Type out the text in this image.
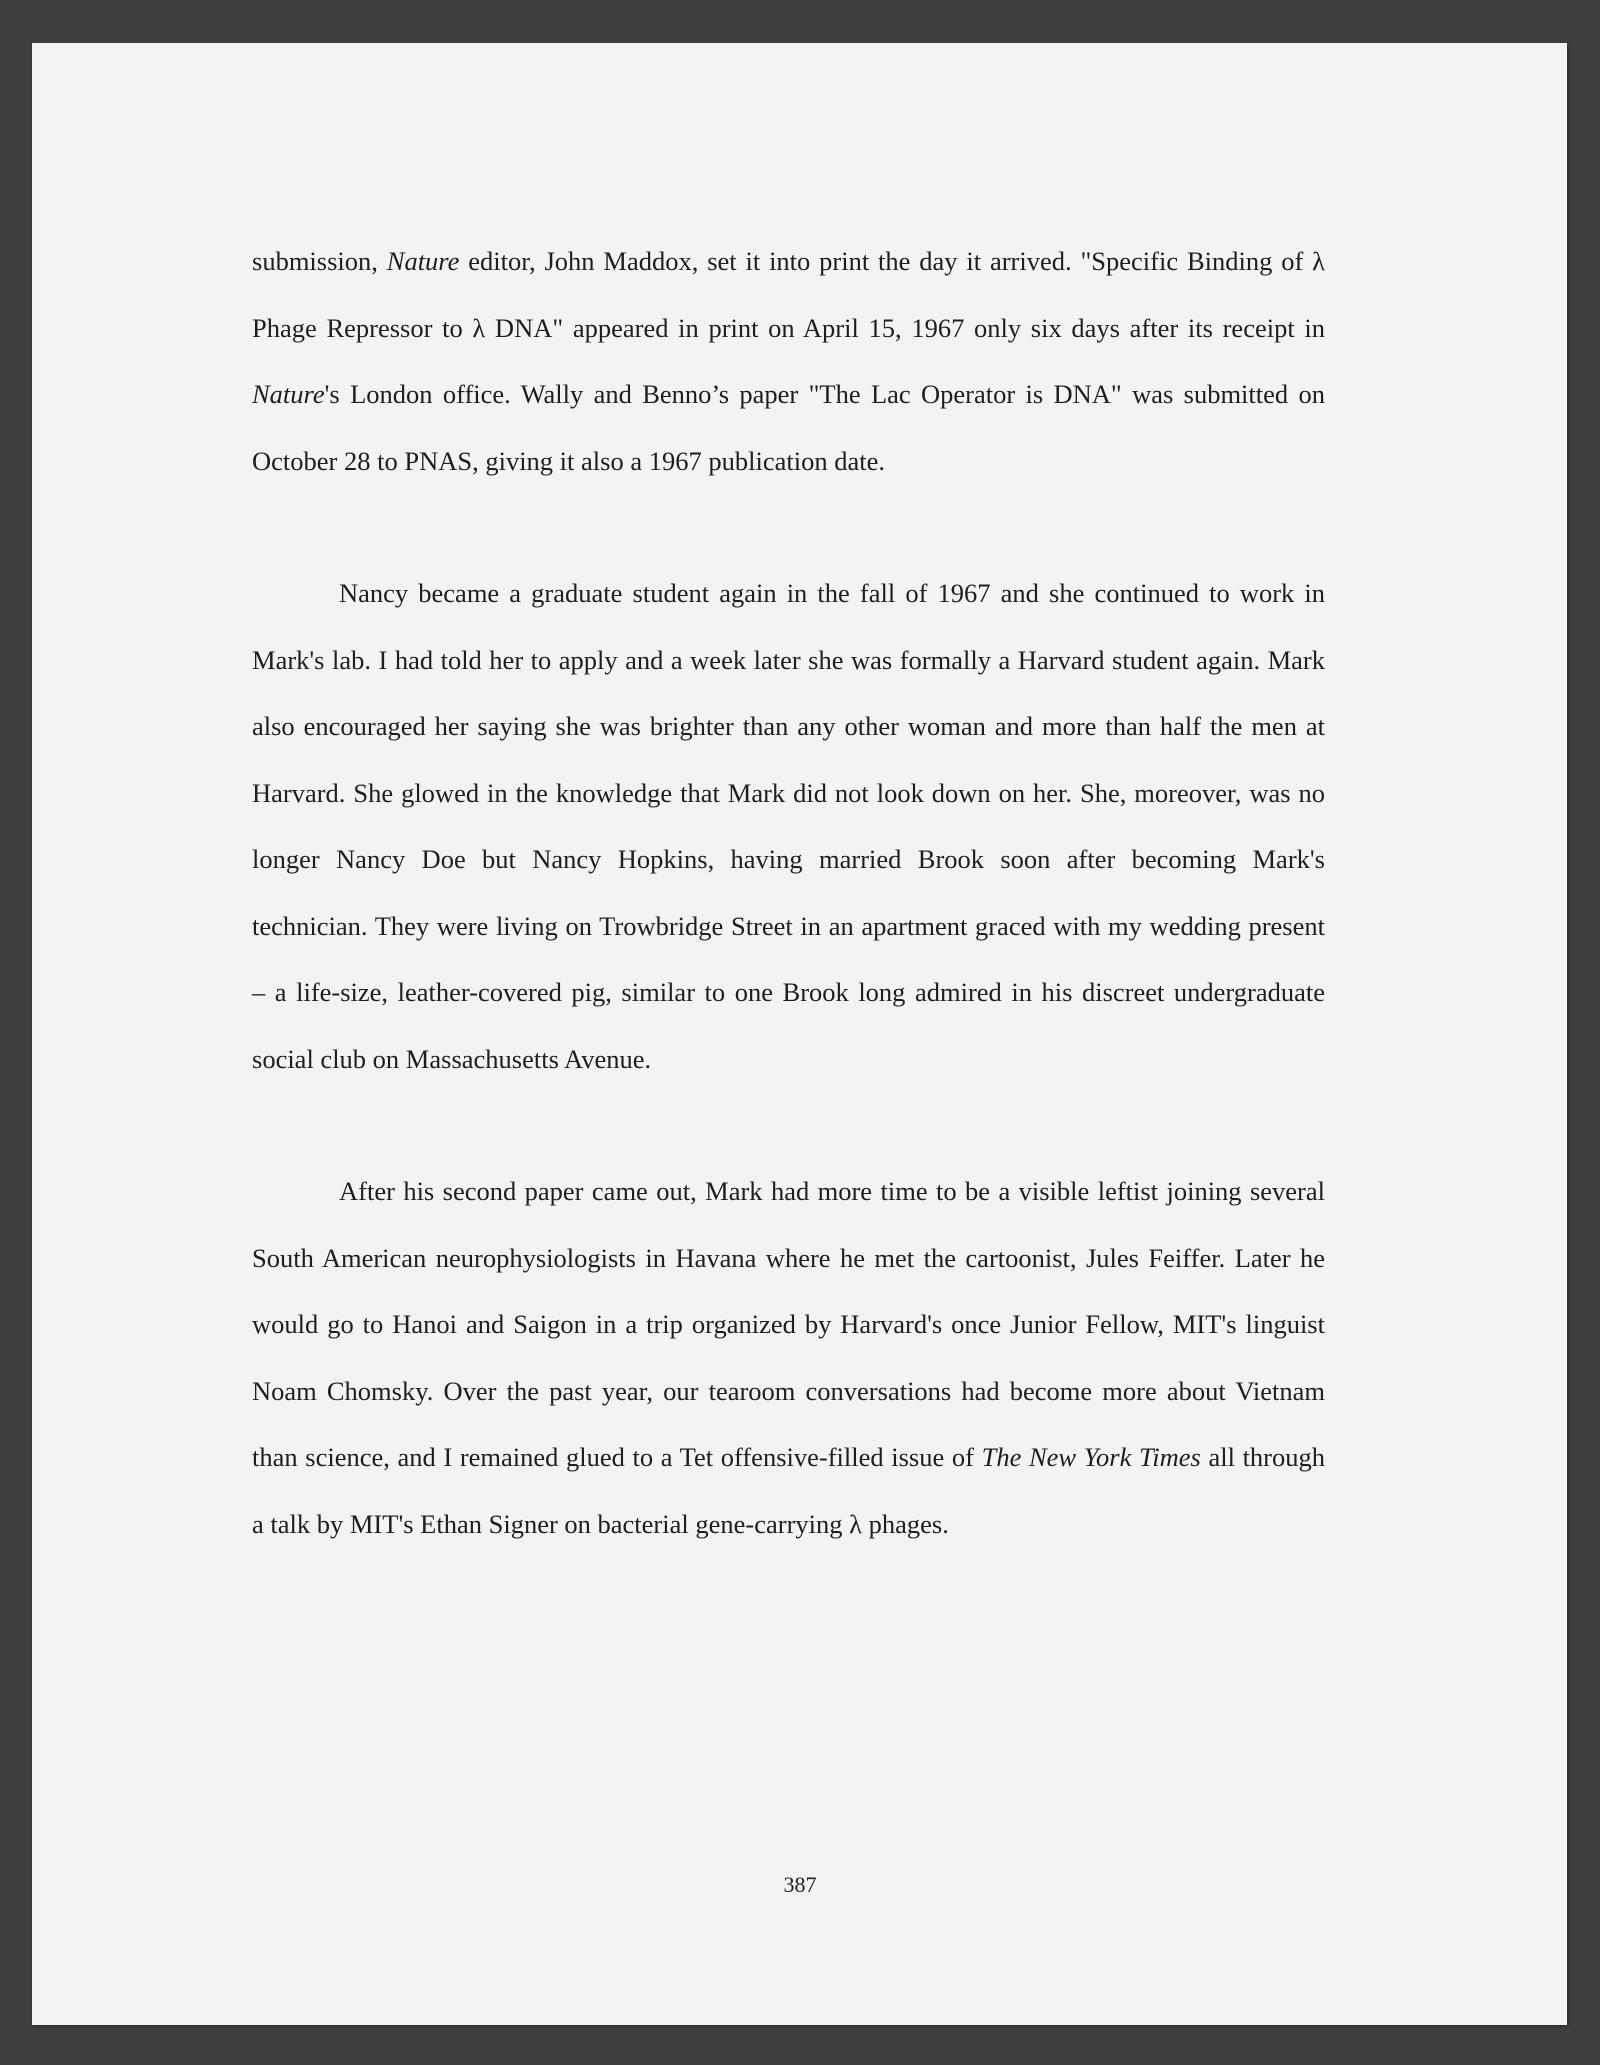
submission, Nature editor, John Maddox, set it into print the day it arrived. "Specific Binding of λ Phage Repressor to λ DNA" appeared in print on April 15, 1967 only six days after its receipt in Nature's London office. Wally and Benno’s paper "The Lac Operator is DNA" was submitted on October 28 to PNAS, giving it also a 1967 publication date.

Nancy became a graduate student again in the fall of 1967 and she continued to work in Mark's lab. I had told her to apply and a week later she was formally a Harvard student again. Mark also encouraged her saying she was brighter than any other woman and more than half the men at Harvard. She glowed in the knowledge that Mark did not look down on her. She, moreover, was no longer Nancy Doe but Nancy Hopkins, having married Brook soon after becoming Mark's technician. They were living on Trowbridge Street in an apartment graced with my wedding present – a life-size, leather-covered pig, similar to one Brook long admired in his discreet undergraduate social club on Massachusetts Avenue.

After his second paper came out, Mark had more time to be a visible leftist joining several South American neurophysiologists in Havana where he met the cartoonist, Jules Feiffer. Later he would go to Hanoi and Saigon in a trip organized by Harvard's once Junior Fellow, MIT's linguist Noam Chomsky. Over the past year, our tearoom conversations had become more about Vietnam than science, and I remained glued to a Tet offensive-filled issue of The New York Times all through a talk by MIT's Ethan Signer on bacterial gene-carrying λ phages.

387
